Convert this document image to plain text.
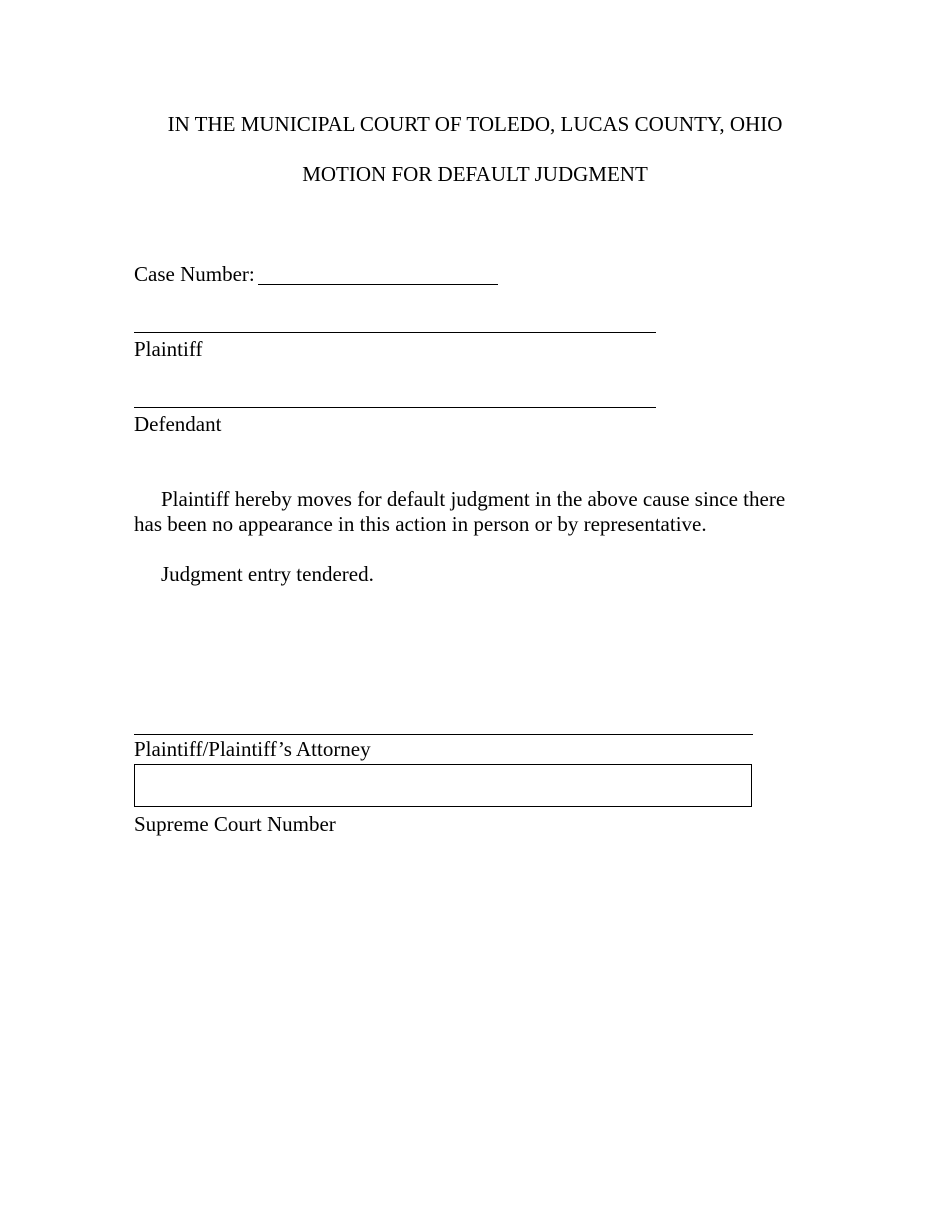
IN THE MUNICIPAL COURT OF TOLEDO, LUCAS COUNTY, OHIO
MOTION FOR DEFAULT JUDGMENT
Case Number:
Plaintiff
Defendant
Plaintiff hereby moves for default judgment in the above cause since there
has been no appearance in this action in person or by representative.
Judgment entry tendered.
Plaintiff/Plaintiff’s Attorney
Supreme Court Number
